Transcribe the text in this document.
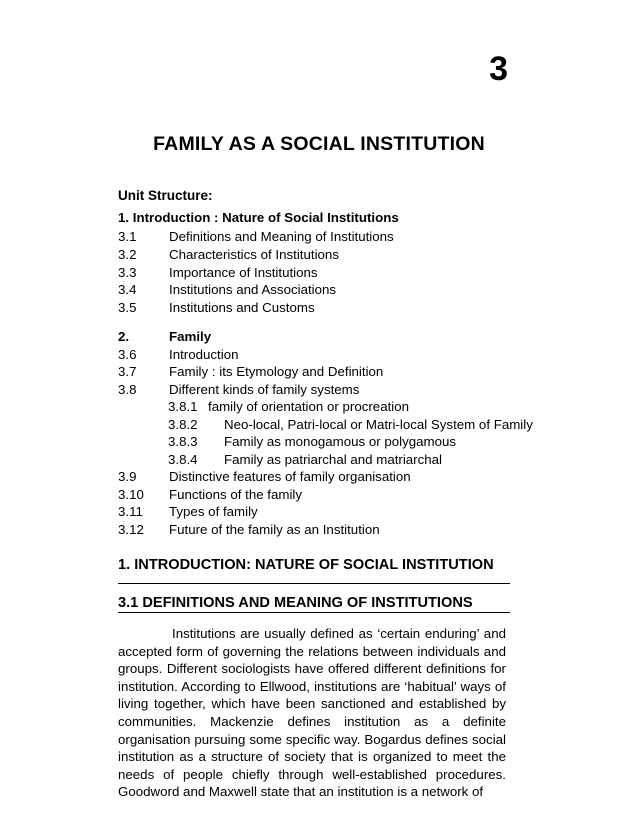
3
FAMILY AS A SOCIAL INSTITUTION
Unit Structure:
1. Introduction : Nature of Social Institutions
3.1 Definitions and Meaning of Institutions
3.2 Characteristics of Institutions
3.3 Importance of Institutions
3.4 Institutions and Associations
3.5 Institutions and Customs
2.	Family
3.6 Introduction
3.7 Family : its Etymology and Definition
3.8 Different kinds of family systems
3.8.1 family of orientation or procreation
3.8.2 Neo-local, Patri-local or Matri-local System of Family
3.8.3 Family as monogamous or polygamous
3.8.4 Family as patriarchal and matriarchal
3.9 Distinctive features of family organisation
3.10 Functions of the family
3.11 Types of family
3.12 Future of the family as an Institution
1. INTRODUCTION: NATURE OF SOCIAL INSTITUTION
3.1 DEFINITIONS AND MEANING OF INSTITUTIONS

Institutions are usually defined as ‘certain enduring’ and accepted form of governing the relations between individuals and groups. Different sociologists have offered different definitions for institution. According to Ellwood, institutions are ‘habitual’ ways of living together, which have been sanctioned and established by communities. Mackenzie defines institution as a definite organisation pursuing some specific way. Bogardus defines social institution as a structure of society that is organized to meet the needs of people chiefly through well-established procedures. Goodword and Maxwell state that an institution is a network of
